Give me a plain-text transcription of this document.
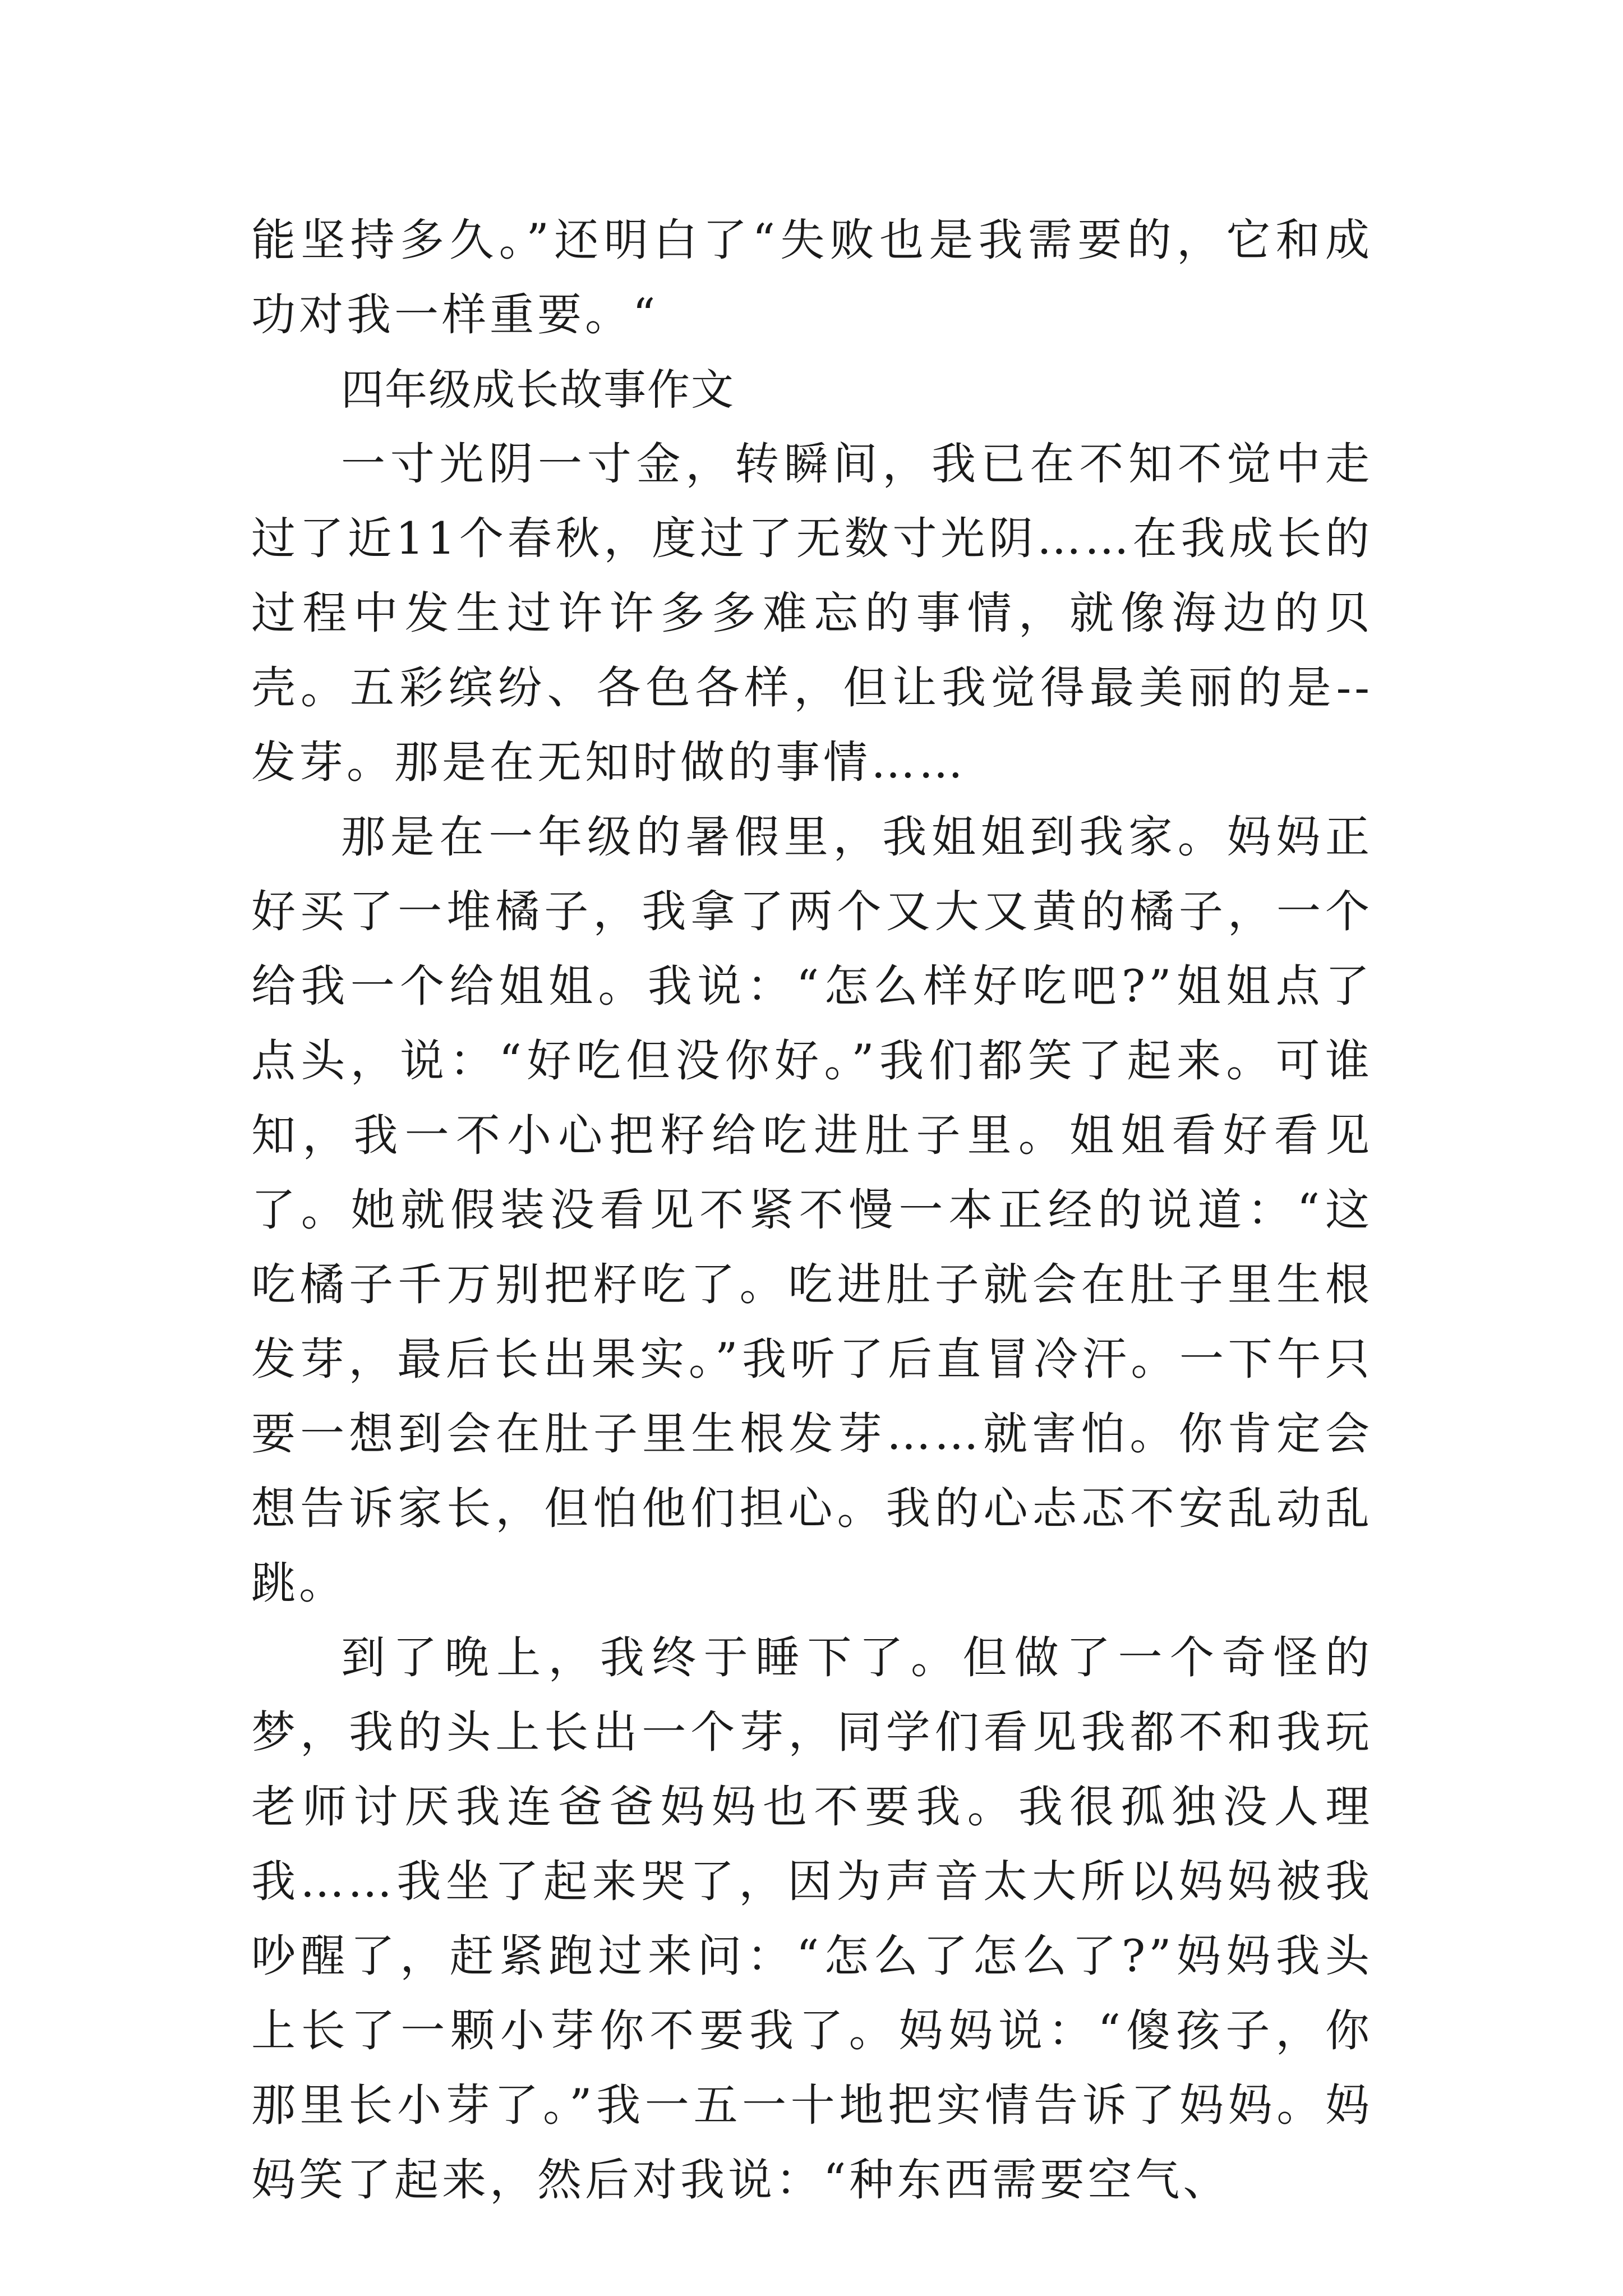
能坚持多久。”还明白了“失败也是我需要的，它和成功对我一样重要。“

四年级成长故事作文

一寸光阴一寸金，转瞬间，我已在不知不觉中走过了近11个春秋，度过了无数寸光阴……在我成长的过程中发生过许许多多难忘的事情，就像海边的贝壳。五彩缤纷、各色各样，但让我觉得最美丽的是--发芽。那是在无知时做的事情……

那是在一年级的暑假里，我姐姐到我家。妈妈正好买了一堆橘子，我拿了两个又大又黄的橘子，一个给我一个给姐姐。我说：“怎么样好吃吧?”姐姐点了点头，说：“好吃但没你好。”我们都笑了起来。可谁知，我一不小心把籽给吃进肚子里。姐姐看好看见了。她就假装没看见不紧不慢一本正经的说道：“这吃橘子千万别把籽吃了。吃进肚子就会在肚子里生根发芽，最后长出果实。”我听了后直冒冷汗。一下午只要一想到会在肚子里生根发芽……就害怕。你肯定会想告诉家长，但怕他们担心。我的心忐忑不安乱动乱跳。

到了晚上，我终于睡下了。但做了一个奇怪的梦，我的头上长出一个芽，同学们看见我都不和我玩老师讨厌我连爸爸妈妈也不要我。我很孤独没人理我……我坐了起来哭了，因为声音太大所以妈妈被我吵醒了，赶紧跑过来问：“怎么了怎么了?”妈妈我头上长了一颗小芽你不要我了。妈妈说：“傻孩子，你那里长小芽了。”我一五一十地把实情告诉了妈妈。妈妈笑了起来，然后对我说：“种东西需要空气、
